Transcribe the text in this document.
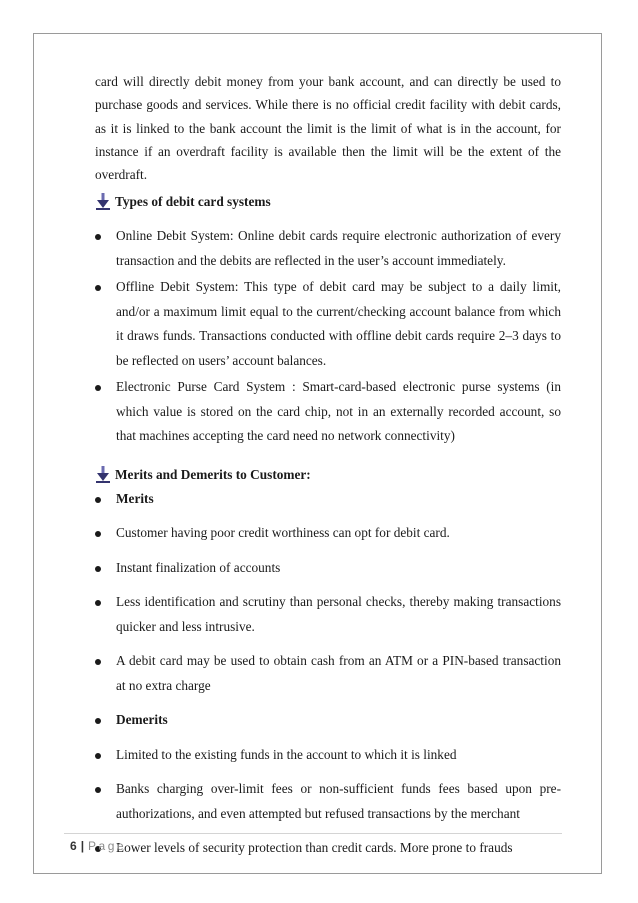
card will directly debit money from your bank account, and can directly be used to purchase goods and services. While there is no official credit facility with debit cards, as it is linked to the bank account the limit is the limit of what is in the account, for instance if an overdraft facility is available then the limit will be the extent of the overdraft.

Types of debit card systems
Online Debit System: Online debit cards require electronic authorization of every transaction and the debits are reflected in the user’s account immediately.
Offline Debit System: This type of debit card may be subject to a daily limit, and/or a maximum limit equal to the current/checking account balance from which it draws funds. Transactions conducted with offline debit cards require 2–3 days to be reflected on users’ account balances.
Electronic Purse Card System : Smart-card-based electronic purse systems (in which value is stored on the card chip, not in an externally recorded account, so that machines accepting the card need no network connectivity)
Merits and Demerits to Customer:
Merits
Customer having poor credit worthiness can opt for debit card.
Instant finalization of accounts
Less identification and scrutiny than personal checks, thereby making transactions quicker and less intrusive.
A debit card may be used to obtain cash from an ATM or a PIN-based transaction at no extra charge
Demerits
Limited to the existing funds in the account to which it is linked
Banks charging over-limit fees or non-sufficient funds fees based upon pre-authorizations, and even attempted but refused transactions by the merchant
Lower levels of security protection than credit cards. More prone to frauds
6 | Page
